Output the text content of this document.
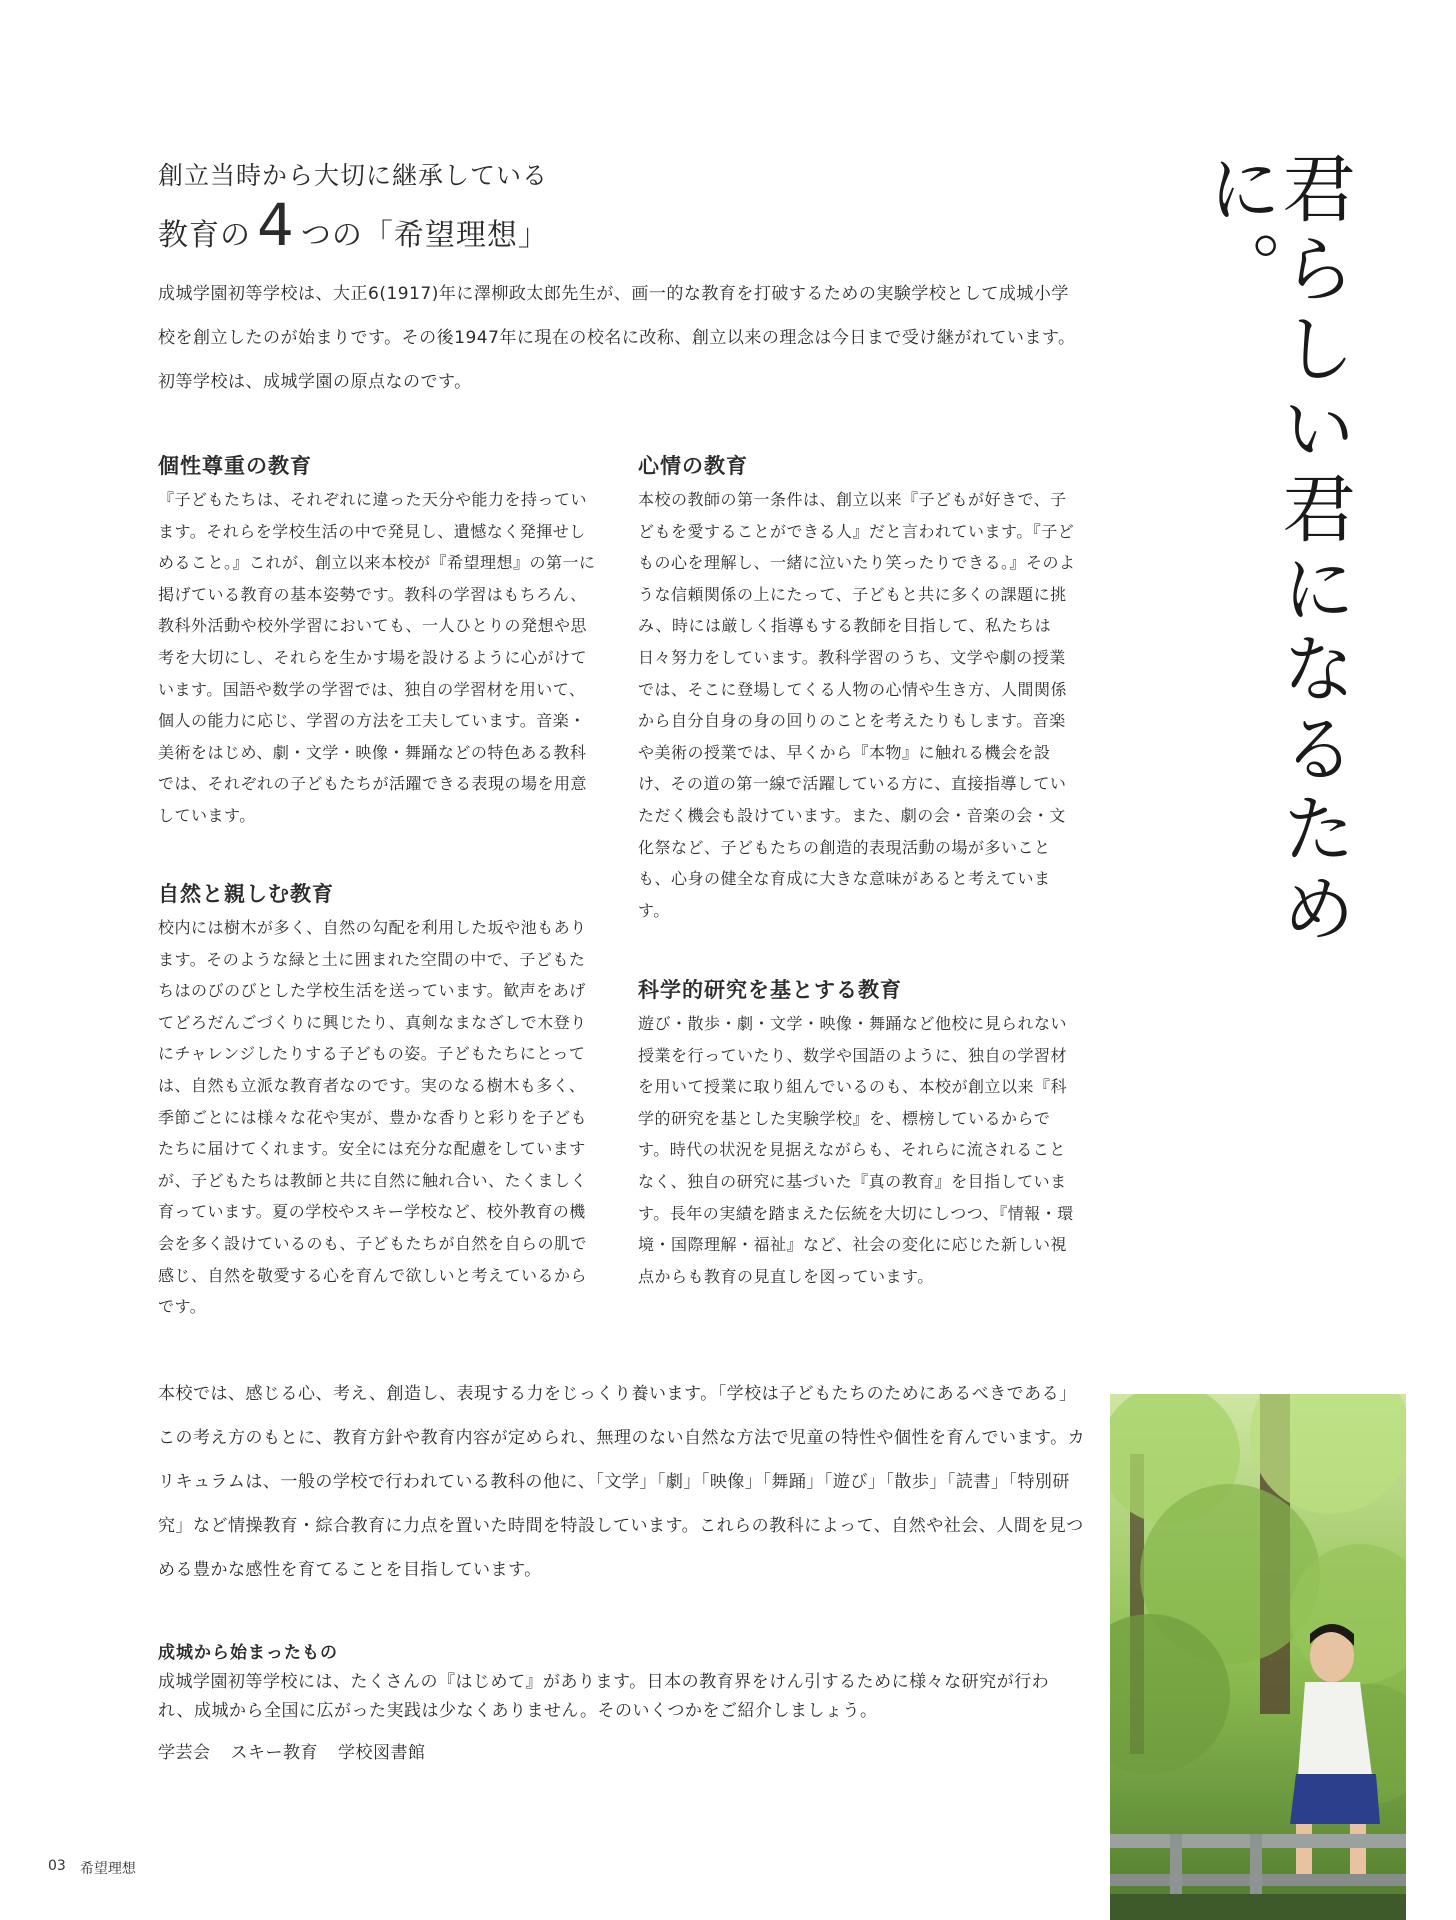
創立当時から大切に継承している
教育の 4 つの「希望理想」
成城学園初等学校は、大正6(1917)年に澤柳政太郎先生が、画一的な教育を打破するための実験学校として成城小学校を創立したのが始まりです。その後1947年に現在の校名に改称、創立以来の理念は今日まで受け継がれています。初等学校は、成城学園の原点なのです。
個性尊重の教育
『子どもたちは、それぞれに違った天分や能力を持っています。それらを学校生活の中で発見し、遺憾なく発揮せしめること。』これが、創立以来本校が『希望理想』の第一に掲げている教育の基本姿勢です。教科の学習はもちろん、教科外活動や校外学習においても、一人ひとりの発想や思考を大切にし、それらを生かす場を設けるように心がけています。国語や数学の学習では、独自の学習材を用いて、個人の能力に応じ、学習の方法を工夫しています。音楽・美術をはじめ、劇・文学・映像・舞踊などの特色ある教科では、それぞれの子どもたちが活躍できる表現の場を用意しています。
自然と親しむ教育
校内には樹木が多く、自然の勾配を利用した坂や池もあります。そのような緑と土に囲まれた空間の中で、子どもたちはのびのびとした学校生活を送っています。歓声をあげてどろだんごづくりに興じたり、真剣なまなざしで木登りにチャレンジしたりする子どもの姿。子どもたちにとっては、自然も立派な教育者なのです。実のなる樹木も多く、季節ごとには様々な花や実が、豊かな香りと彩りを子どもたちに届けてくれます。安全には充分な配慮をしていますが、子どもたちは教師と共に自然に触れ合い、たくましく育っています。夏の学校やスキー学校など、校外教育の機会を多く設けているのも、子どもたちが自然を自らの肌で感じ、自然を敬愛する心を育んで欲しいと考えているからです。
心情の教育
本校の教師の第一条件は、創立以来『子どもが好きで、子どもを愛することができる人』だと言われています。『子どもの心を理解し、一緒に泣いたり笑ったりできる。』そのような信頼関係の上にたって、子どもと共に多くの課題に挑み、時には厳しく指導もする教師を目指して、私たちは日々努力をしています。教科学習のうち、文学や劇の授業では、そこに登場してくる人物の心情や生き方、人間関係から自分自身の身の回りのことを考えたりもします。音楽や美術の授業では、早くから『本物』に触れる機会を設け、その道の第一線で活躍している方に、直接指導していただく機会も設けています。また、劇の会・音楽の会・文化祭など、子どもたちの創造的表現活動の場が多いことも、心身の健全な育成に大きな意味があると考えています。
科学的研究を基とする教育
遊び・散歩・劇・文学・映像・舞踊など他校に見られない授業を行っていたり、数学や国語のように、独自の学習材を用いて授業に取り組んでいるのも、本校が創立以来『科学的研究を基とした実験学校』を、標榜しているからです。時代の状況を見据えながらも、それらに流されることなく、独自の研究に基づいた『真の教育』を目指しています。長年の実績を踏まえた伝統を大切にしつつ、『情報・環境・国際理解・福祉』など、社会の変化に応じた新しい視点からも教育の見直しを図っています。
本校では、感じる心、考え、創造し、表現する力をじっくり養います。「学校は子どもたちのためにあるべきである」この考え方のもとに、教育方針や教育内容が定められ、無理のない自然な方法で児童の特性や個性を育んでいます。カリキュラムは、一般の学校で行われている教科の他に、「文学」「劇」「映像」「舞踊」「遊び」「散歩」「読書」「特別研究」など情操教育・綜合教育に力点を置いた時間を特設しています。これらの教科によって、自然や社会、人間を見つめる豊かな感性を育てることを目指しています。
成城から始まったもの
成城学園初等学校には、たくさんの『はじめて』があります。日本の教育界をけん引するために様々な研究が行われ、成城から全国に広がった実践は少なくありません。そのいくつかをご紹介しましょう。
学芸会 スキー教育 学校図書館
君らしい君になるために。
03 希望理想
